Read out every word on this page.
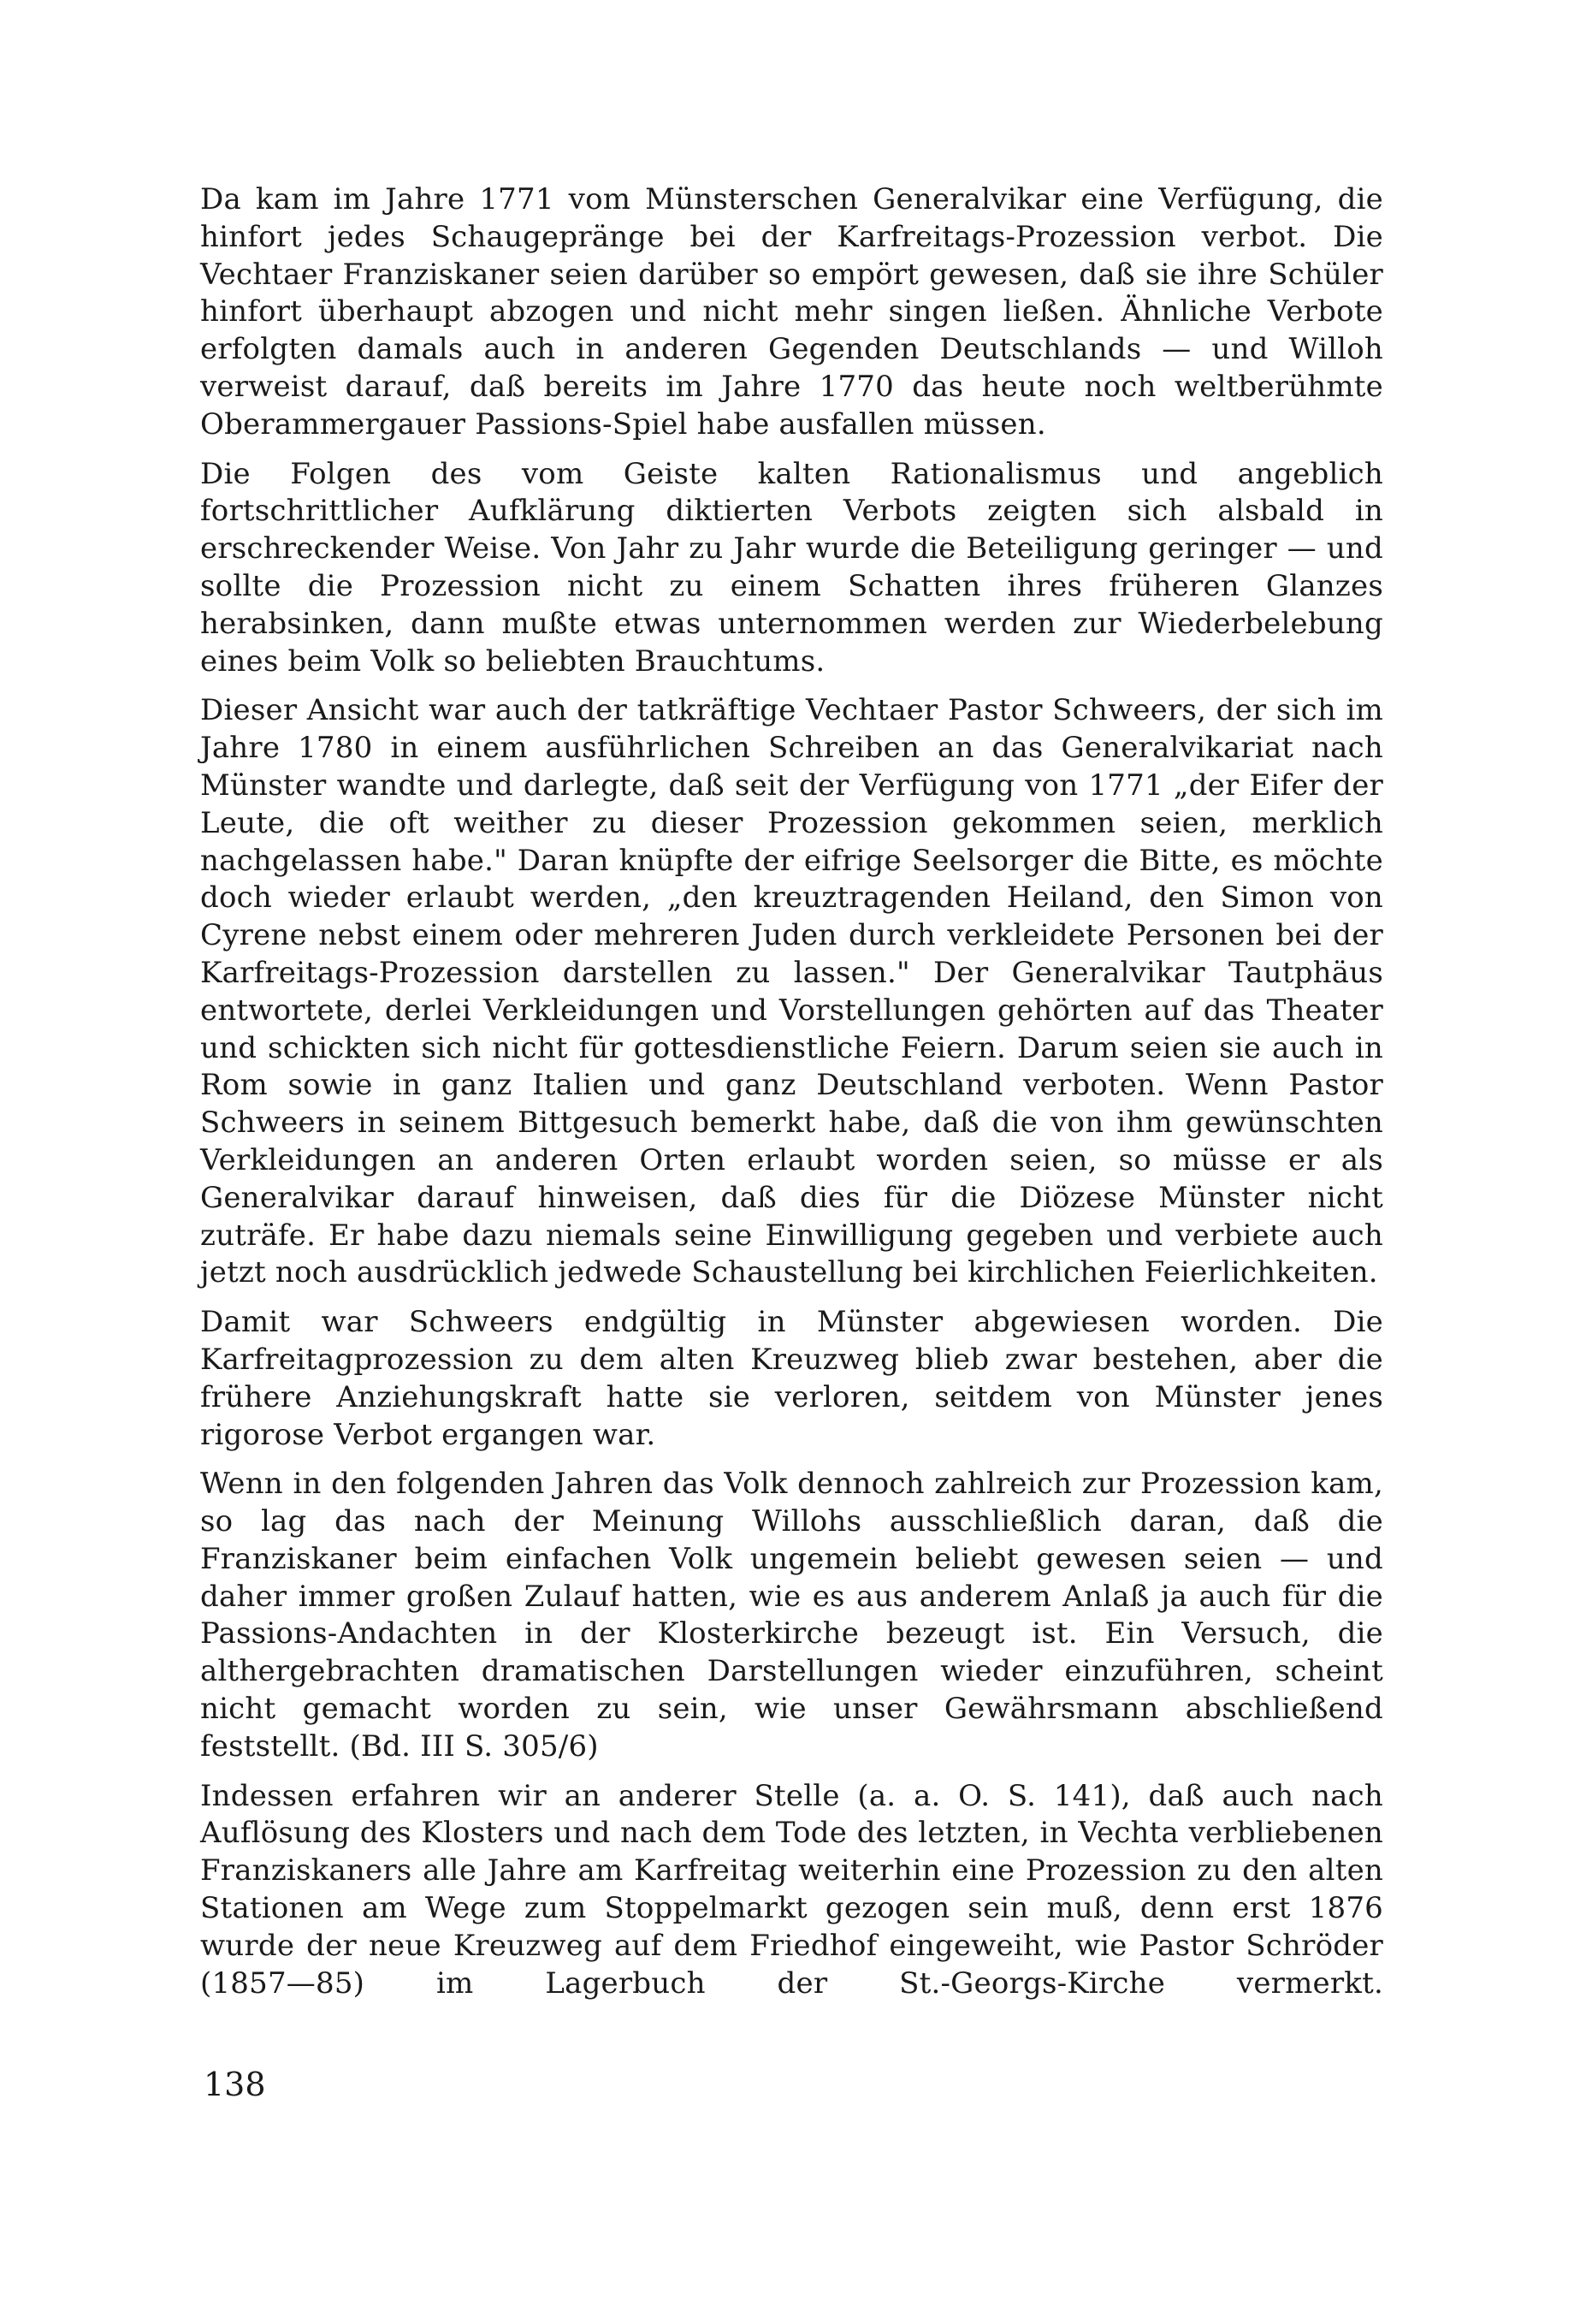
Da kam im Jahre 1771 vom Münsterschen Generalvikar eine Verfügung, die hinfort jedes Schaugepränge bei der Karfreitags-Prozession verbot. Die Vechtaer Franziskaner seien darüber so empört gewesen, daß sie ihre Schüler hinfort überhaupt abzogen und nicht mehr singen ließen. Ähnliche Verbote erfolgten damals auch in anderen Gegenden Deutschlands — und Willoh verweist darauf, daß bereits im Jahre 1770 das heute noch weltberühmte Oberammergauer Passions-Spiel habe ausfallen müssen.

Die Folgen des vom Geiste kalten Rationalismus und angeblich fortschrittlicher Aufklärung diktierten Verbots zeigten sich alsbald in erschreckender Weise. Von Jahr zu Jahr wurde die Beteiligung geringer — und sollte die Prozession nicht zu einem Schatten ihres früheren Glanzes herabsinken, dann mußte etwas unternommen werden zur Wiederbelebung eines beim Volk so beliebten Brauchtums.

Dieser Ansicht war auch der tatkräftige Vechtaer Pastor Schweers, der sich im Jahre 1780 in einem ausführlichen Schreiben an das Generalvikariat nach Münster wandte und darlegte, daß seit der Verfügung von 1771 „der Eifer der Leute, die oft weither zu dieser Prozession gekommen seien, merklich nachgelassen habe." Daran knüpfte der eifrige Seelsorger die Bitte, es möchte doch wieder erlaubt werden, „den kreuztragenden Heiland, den Simon von Cyrene nebst einem oder mehreren Juden durch verkleidete Personen bei der Karfreitags-Prozession darstellen zu lassen." Der Generalvikar Tautphäus entwortete, derlei Verkleidungen und Vorstellungen gehörten auf das Theater und schickten sich nicht für gottesdienstliche Feiern. Darum seien sie auch in Rom sowie in ganz Italien und ganz Deutschland verboten. Wenn Pastor Schweers in seinem Bittgesuch bemerkt habe, daß die von ihm gewünschten Verkleidungen an anderen Orten erlaubt worden seien, so müsse er als Generalvikar darauf hinweisen, daß dies für die Diözese Münster nicht zuträfe. Er habe dazu niemals seine Einwilligung gegeben und verbiete auch jetzt noch ausdrücklich jedwede Schaustellung bei kirchlichen Feierlichkeiten.

Damit war Schweers endgültig in Münster abgewiesen worden. Die Karfreitagprozession zu dem alten Kreuzweg blieb zwar bestehen, aber die frühere Anziehungskraft hatte sie verloren, seitdem von Münster jenes rigorose Verbot ergangen war.

Wenn in den folgenden Jahren das Volk dennoch zahlreich zur Prozession kam, so lag das nach der Meinung Willohs ausschließlich daran, daß die Franziskaner beim einfachen Volk ungemein beliebt gewesen seien — und daher immer großen Zulauf hatten, wie es aus anderem Anlaß ja auch für die Passions-Andachten in der Klosterkirche bezeugt ist. Ein Versuch, die althergebrachten dramatischen Darstellungen wieder einzuführen, scheint nicht gemacht worden zu sein, wie unser Gewährsmann abschließend feststellt. (Bd. III S. 305/6)

Indessen erfahren wir an anderer Stelle (a. a. O. S. 141), daß auch nach Auflösung des Klosters und nach dem Tode des letzten, in Vechta verbliebenen Franziskaners alle Jahre am Karfreitag weiterhin eine Prozession zu den alten Stationen am Wege zum Stoppelmarkt gezogen sein muß, denn erst 1876 wurde der neue Kreuzweg auf dem Friedhof eingeweiht, wie Pastor Schröder (1857—85) im Lagerbuch der St.-Georgs-Kirche vermerkt.

138
